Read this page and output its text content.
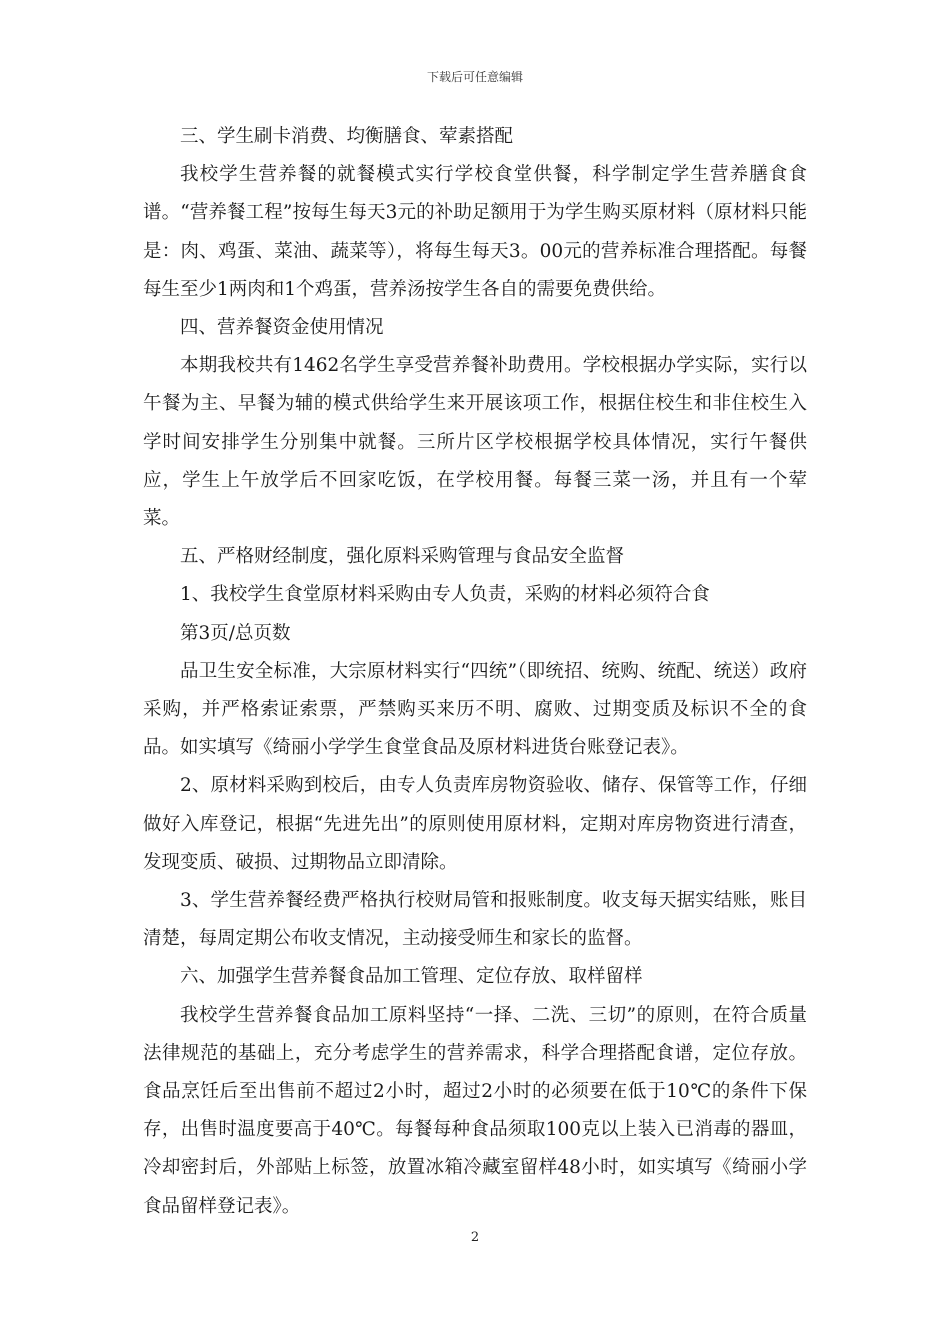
下载后可任意编辑

三、学生刷卡消费、均衡膳食、荤素搭配

我校学生营养餐的就餐模式实行学校食堂供餐，科学制定学生营养膳食食谱。“营养餐工程”按每生每天3元的补助足额用于为学生购买原材料（原材料只能是：肉、鸡蛋、菜油、蔬菜等），将每生每天3。00元的营养标准合理搭配。每餐每生至少1两肉和1个鸡蛋，营养汤按学生各自的需要免费供给。

四、营养餐资金使用情况

本期我校共有1462名学生享受营养餐补助费用。学校根据办学实际，实行以午餐为主、早餐为辅的模式供给学生来开展该项工作，根据住校生和非住校生入学时间安排学生分别集中就餐。三所片区学校根据学校具体情况，实行午餐供应，学生上午放学后不回家吃饭，在学校用餐。每餐三菜一汤，并且有一个荤菜。

五、严格财经制度，强化原料采购管理与食品安全监督

1、我校学生食堂原材料采购由专人负责，采购的材料必须符合食

第3页/总页数

品卫生安全标准，大宗原材料实行“四统”（即统招、统购、统配、统送）政府采购，并严格索证索票，严禁购买来历不明、腐败、过期变质及标识不全的食品。如实填写《绮丽小学学生食堂食品及原材料进货台账登记表》。

2、原材料采购到校后，由专人负责库房物资验收、储存、保管等工作，仔细做好入库登记，根据“先进先出”的原则使用原材料，定期对库房物资进行清查，发现变质、破损、过期物品立即清除。

3、学生营养餐经费严格执行校财局管和报账制度。收支每天据实结账，账目清楚，每周定期公布收支情况，主动接受师生和家长的监督。

六、加强学生营养餐食品加工管理、定位存放、取样留样

我校学生营养餐食品加工原料坚持“一择、二洗、三切”的原则，在符合质量法律规范的基础上，充分考虑学生的营养需求，科学合理搭配食谱，定位存放。食品烹饪后至出售前不超过2小时，超过2小时的必须要在低于10℃的条件下保存，出售时温度要高于40℃。每餐每种食品须取100克以上装入已消毒的器皿，冷却密封后，外部贴上标签，放置冰箱冷藏室留样48小时，如实填写《绮丽小学食品留样登记表》。

2
